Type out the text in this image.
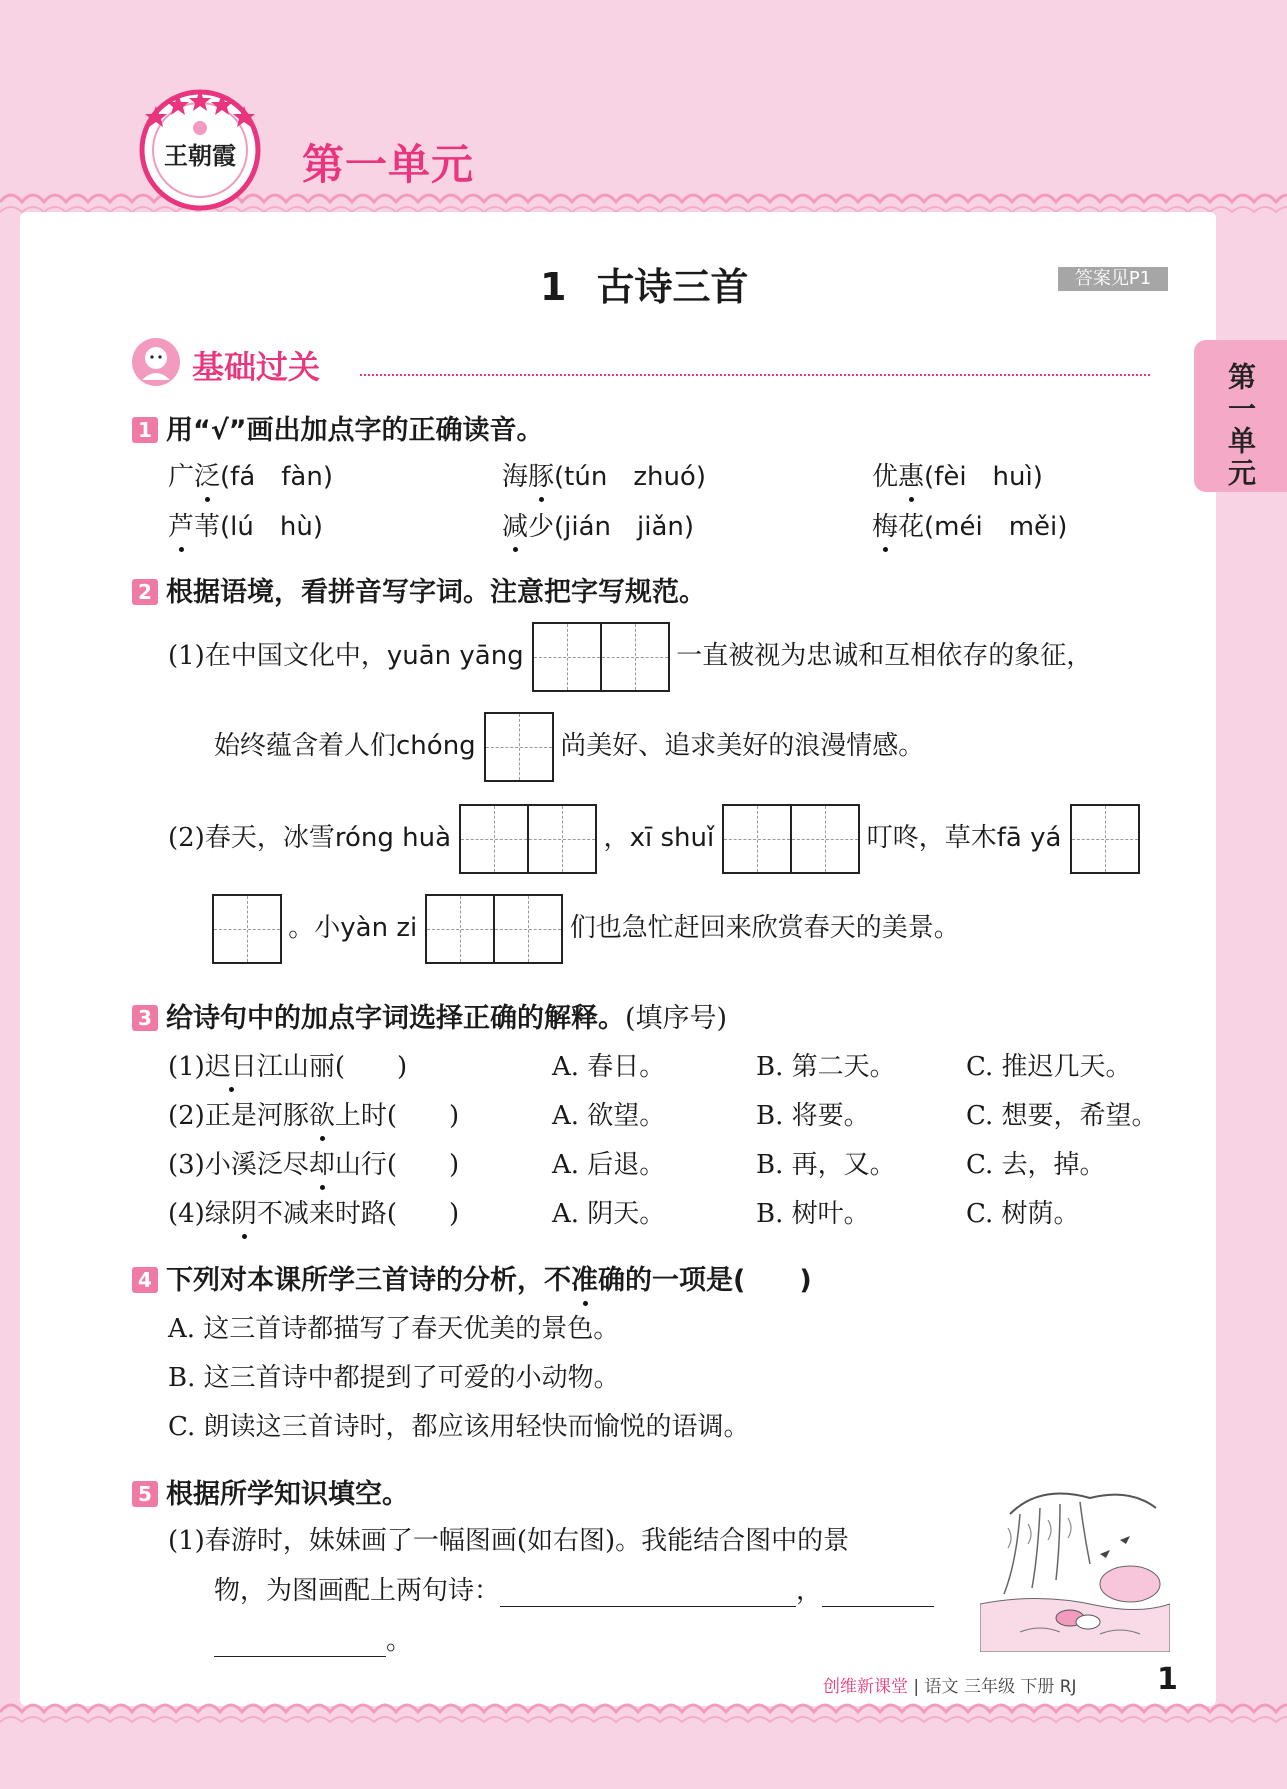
王朝霞 第一单元
第一单元
1 古诗三首	答案见P1
基础过关
1 用“√”画出加点字的正确读音。
广泛(fá　fàn)	海豚(tún　zhuó)	优惠(fèi　huì)
芦苇(lú　hù)	减少(jián　jiǎn)	梅花(méi　měi)
2 根据语境，看拼音写字词。注意把字写规范。
(1)在中国文化中，yuān yāng	一直被视为忠诚和互相依存的象征，
始终蕴含着人们chóng	尚美好、追求美好的浪漫情感。
(2)春天，冰雪róng huà	，xī shuǐ	叮咚，草木fā yá
。小yàn zi	们也急忙赶回来欣赏春天的美景。
3 给诗句中的加点字词选择正确的解释。(填序号)
(1)迟日江山丽(　　)	A. 春日。	B. 第二天。	C. 推迟几天。
(2)正是河豚欲上时(　　)	A. 欲望。	B. 将要。	C. 想要，希望。
(3)小溪泛尽却山行(　　)	A. 后退。	B. 再，又。	C. 去，掉。
(4)绿阴不减来时路(　　)	A. 阴天。	B. 树叶。	C. 树荫。
4 下列对本课所学三首诗的分析，不准确的一项是(　　)
A. 这三首诗都描写了春天优美的景色。
B. 这三首诗中都提到了可爱的小动物。
C. 朗读这三首诗时，都应该用轻快而愉悦的语调。
5 根据所学知识填空。
(1)春游时，妹妹画了一幅图画(如右图)。我能结合图中的景
物，为图画配上两句诗：	，
。
创维新课堂 | 语文 三年级 下册 RJ	1
